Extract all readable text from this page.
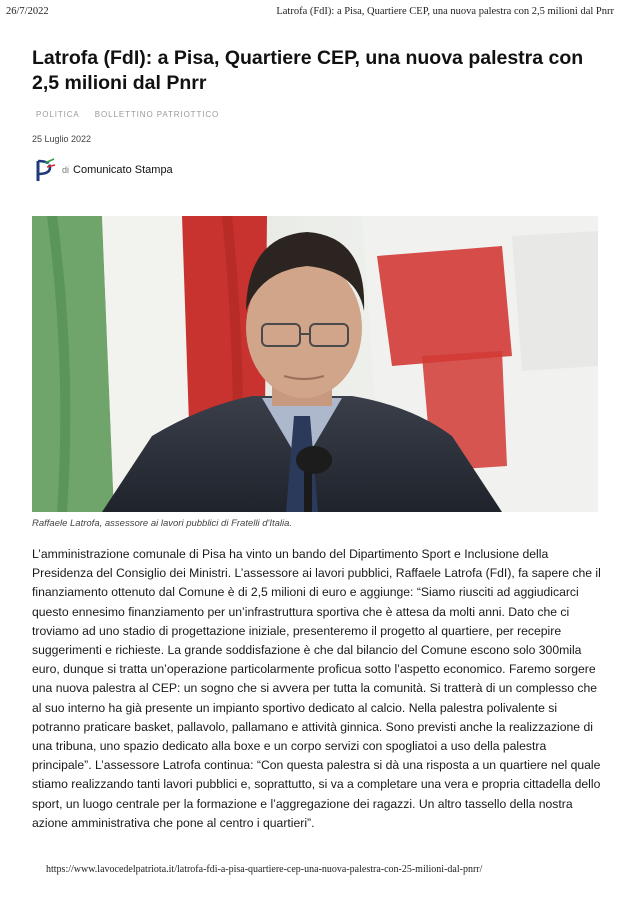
26/7/2022	Latrofa (FdI): a Pisa, Quartiere CEP, una nuova palestra con 2,5 milioni dal Pnrr
Latrofa (FdI): a Pisa, Quartiere CEP, una nuova palestra con 2,5 milioni dal Pnrr
POLITICA BOLLETTINO PATRIOTTICO
25 Luglio 2022
di Comunicato Stampa
Raffaele Latrofa, assessore ai lavori pubblici di Fratelli d'Italia.

L’amministrazione comunale di Pisa ha vinto un bando del Dipartimento Sport e Inclusione della Presidenza del Consiglio dei Ministri. L’assessore ai lavori pubblici, Raffaele Latrofa (FdI), fa sapere che il finanziamento ottenuto dal Comune è di 2,5 milioni di euro e aggiunge: “Siamo riusciti ad aggiudicarci questo ennesimo finanziamento per un’infrastruttura sportiva che è attesa da molti anni. Dato che ci troviamo ad uno stadio di progettazione iniziale, presenteremo il progetto al quartiere, per recepire suggerimenti e richieste. La grande soddisfazione è che dal bilancio del Comune escono solo 300mila euro, dunque si tratta un’operazione particolarmente proficua sotto l’aspetto economico. Faremo sorgere una nuova palestra al CEP: un sogno che si avvera per tutta la comunità. Si tratterà di un complesso che al suo interno ha già presente un impianto sportivo dedicato al calcio. Nella palestra polivalente si potranno praticare basket, pallavolo, pallamano e attività ginnica. Sono previsti anche la realizzazione di una tribuna, uno spazio dedicato alla boxe e un corpo servizi con spogliatoi a uso della palestra principale”. L’assessore Latrofa continua: “Con questa palestra si dà una risposta a un quartiere nel quale stiamo realizzando tanti lavori pubblici e, soprattutto, si va a completare una vera e propria cittadella dello sport, un luogo centrale per la formazione e l’aggregazione dei ragazzi. Un altro tassello della nostra azione amministrativa che pone al centro i quartieri”.

https://www.lavocedelpatriota.it/latrofa-fdi-a-pisa-quartiere-cep-una-nuova-palestra-con-25-milioni-dal-pnrr/
